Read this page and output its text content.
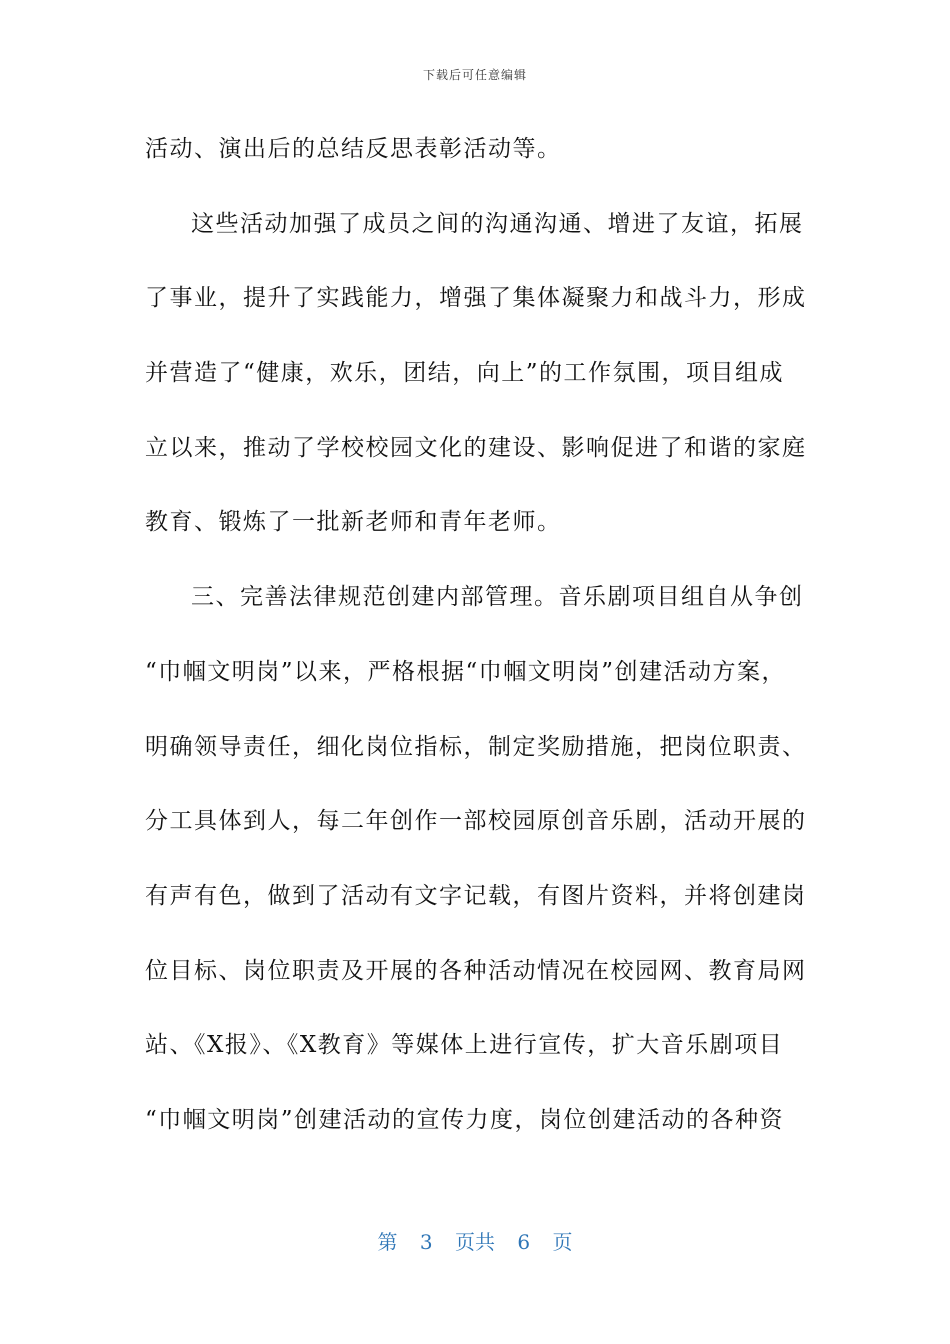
下载后可任意编辑
活动、演出后的总结反思表彰活动等。
这些活动加强了成员之间的沟通沟通、增进了友谊，拓展
了事业，提升了实践能力，增强了集体凝聚力和战斗力，形成
并营造了“健康，欢乐，团结，向上”的工作氛围，项目组成
立以来，推动了学校校园文化的建设、影响促进了和谐的家庭
教育、锻炼了一批新老师和青年老师。
三、完善法律规范创建内部管理。音乐剧项目组自从争创
“巾帼文明岗”以来，严格根据“巾帼文明岗”创建活动方案，
明确领导责任，细化岗位指标，制定奖励措施，把岗位职责、
分工具体到人，每二年创作一部校园原创音乐剧，活动开展的
有声有色，做到了活动有文字记载，有图片资料，并将创建岗
位目标、岗位职责及开展的各种活动情况在校园网、教育局网
站、《X报》、《X教育》等媒体上进行宣传，扩大音乐剧项目
“巾帼文明岗”创建活动的宣传力度，岗位创建活动的各种资
第 3 页共 6 页
